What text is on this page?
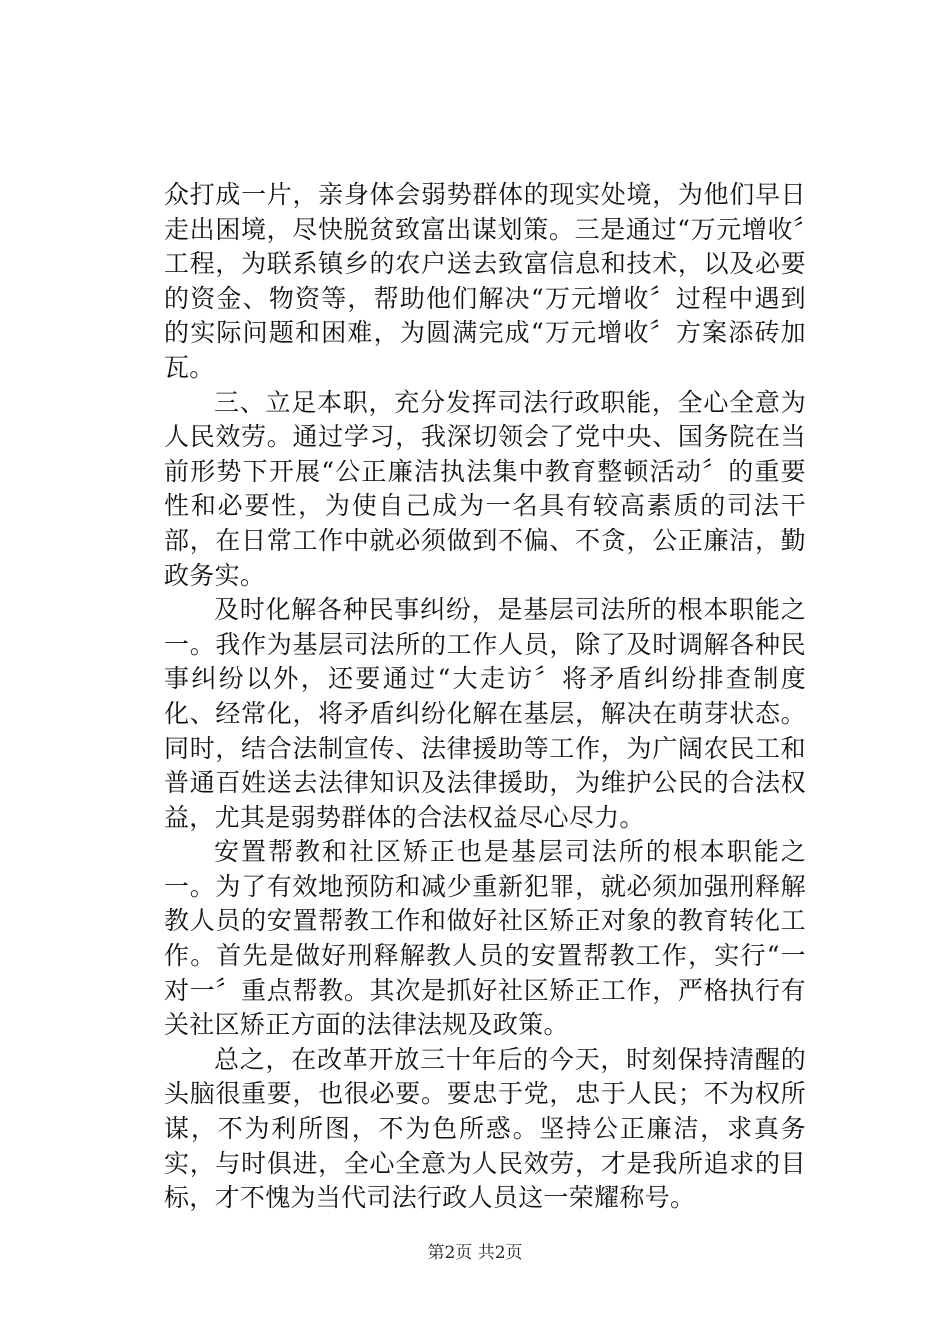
众打成一片，亲身体会弱势群体的现实处境，为他们早日走出困境，尽快脱贫致富出谋划策。三是通过“万元增收〞工程，为联系镇乡的农户送去致富信息和技术，以及必要的资金、物资等，帮助他们解决“万元增收〞过程中遇到的实际问题和困难，为圆满完成“万元增收〞方案添砖加瓦。

三、立足本职，充分发挥司法行政职能，全心全意为人民效劳。通过学习，我深切领会了党中央、国务院在当前形势下开展“公正廉洁执法集中教育整顿活动〞的重要性和必要性，为使自己成为一名具有较高素质的司法干部，在日常工作中就必须做到不偏、不贪，公正廉洁，勤政务实。

及时化解各种民事纠纷，是基层司法所的根本职能之一。我作为基层司法所的工作人员，除了及时调解各种民事纠纷以外，还要通过“大走访〞将矛盾纠纷排查制度化、经常化，将矛盾纠纷化解在基层，解决在萌芽状态。同时，结合法制宣传、法律援助等工作，为广阔农民工和普通百姓送去法律知识及法律援助，为维护公民的合法权益，尤其是弱势群体的合法权益尽心尽力。

安置帮教和社区矫正也是基层司法所的根本职能之一。为了有效地预防和减少重新犯罪，就必须加强刑释解教人员的安置帮教工作和做好社区矫正对象的教育转化工作。首先是做好刑释解教人员的安置帮教工作，实行“一对一〞重点帮教。其次是抓好社区矫正工作，严格执行有关社区矫正方面的法律法规及政策。

总之，在改革开放三十年后的今天，时刻保持清醒的头脑很重要，也很必要。要忠于党，忠于人民；不为权所谋，不为利所图，不为色所惑。坚持公正廉洁，求真务实，与时俱进，全心全意为人民效劳，才是我所追求的目标，才不愧为当代司法行政人员这一荣耀称号。

第2页 共2页
